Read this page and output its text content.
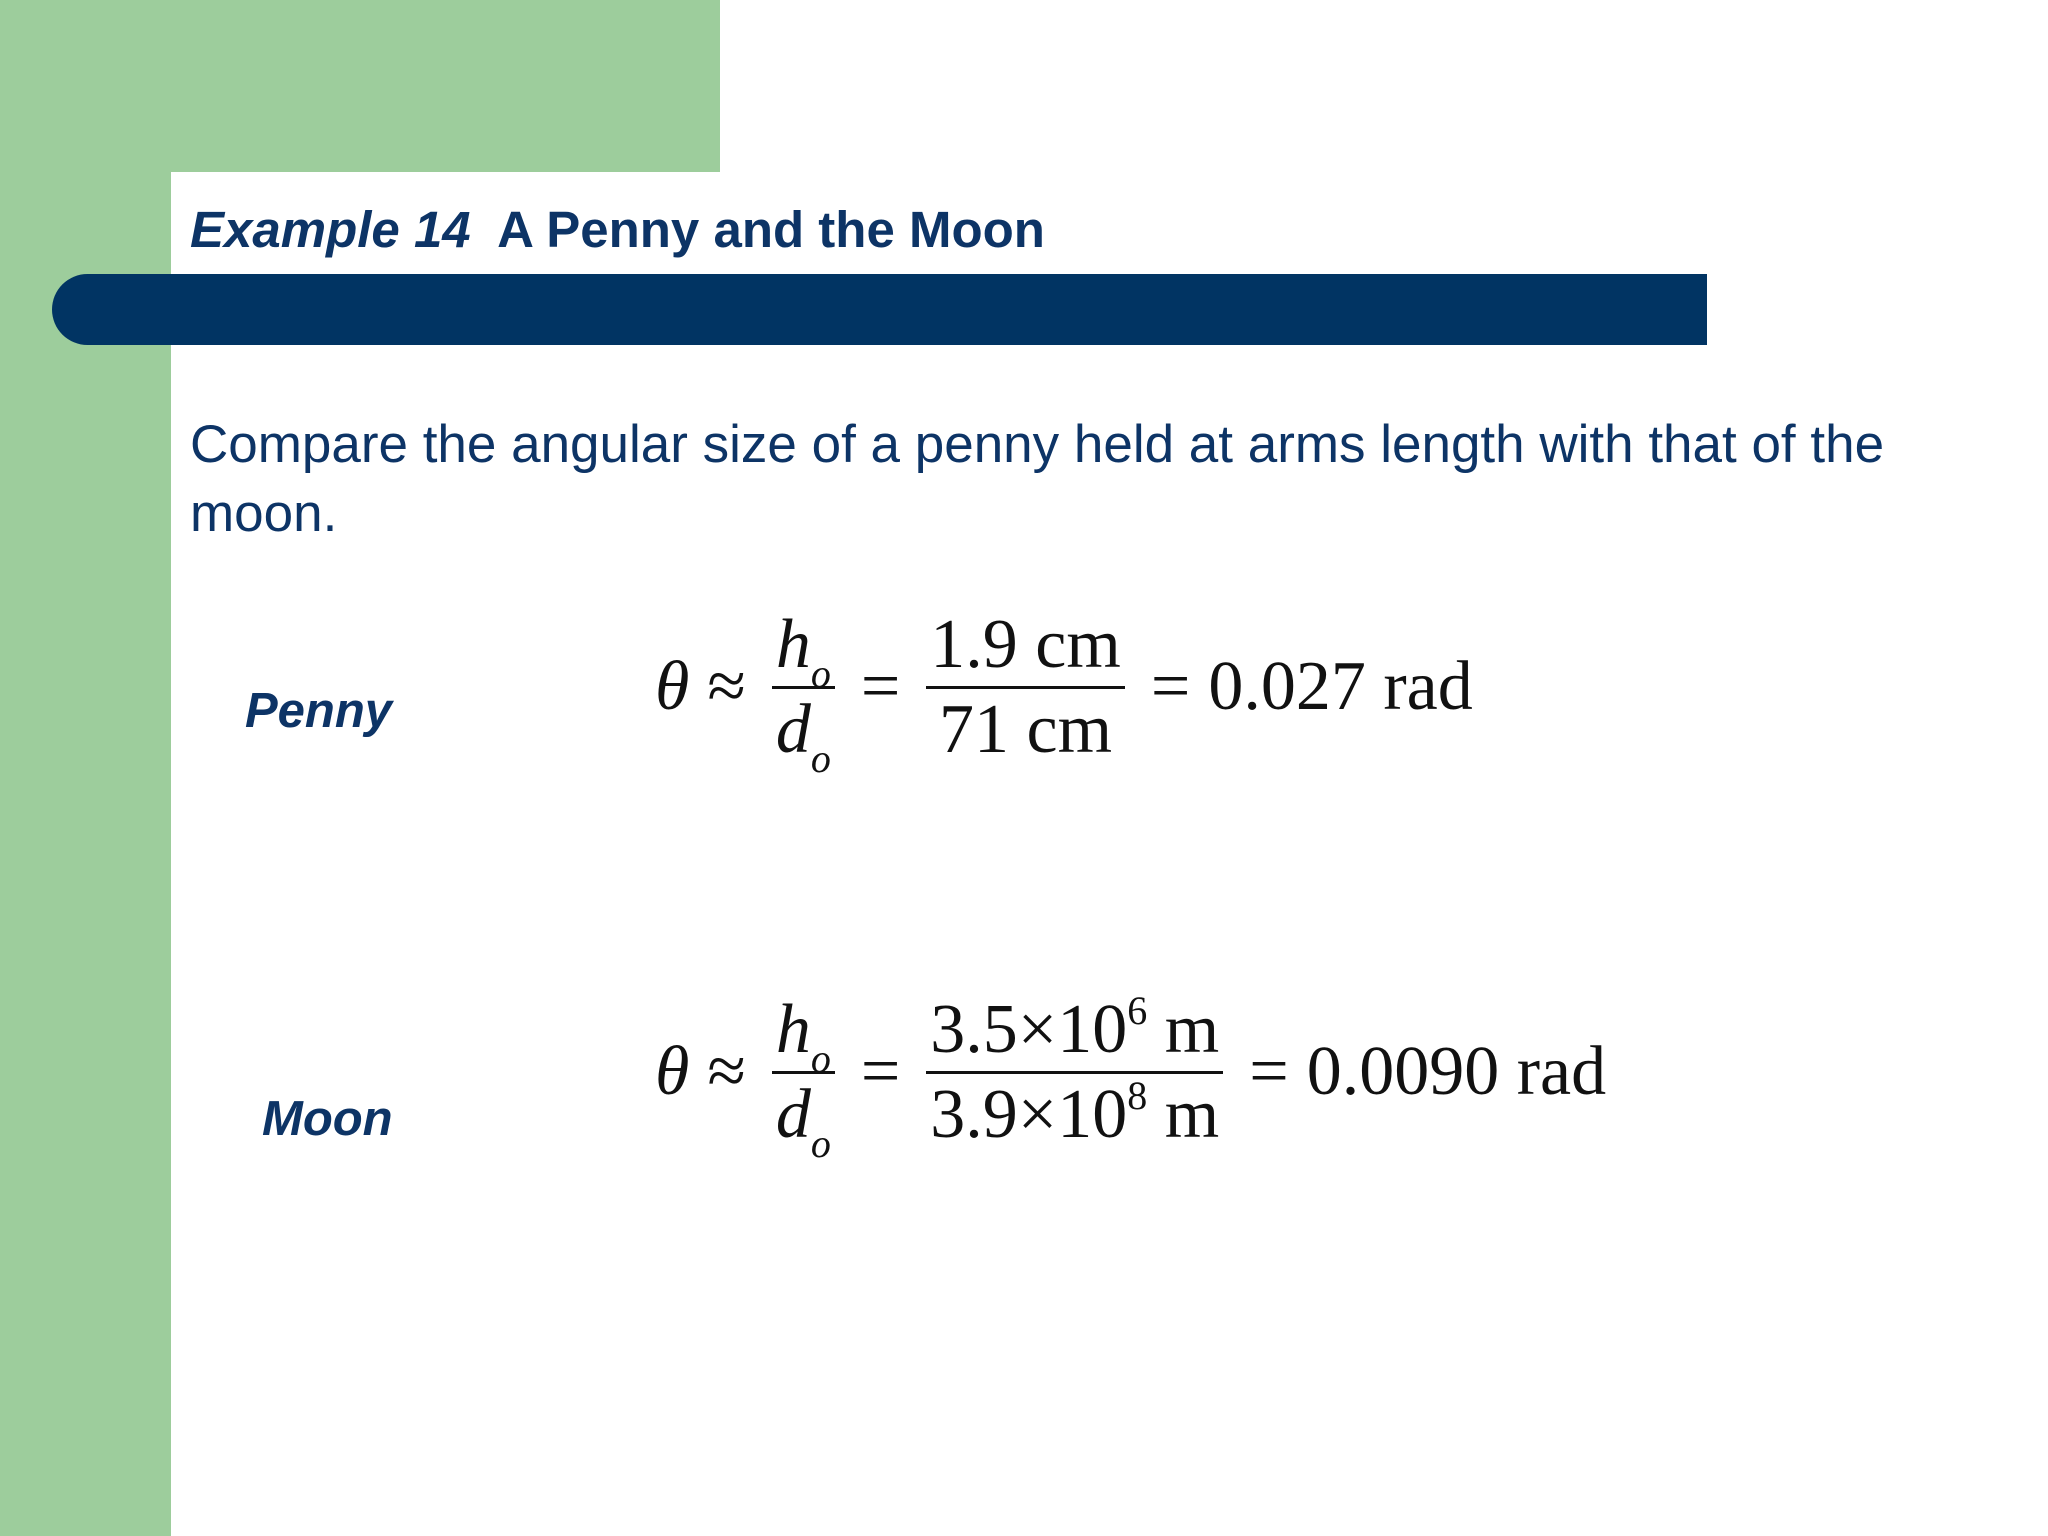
Example 14 A Penny and the Moon
Compare the angular size of a penny held at arms length with that of the moon.
Penny	$\theta \approx \frac{h_o}{d_o} = \frac{1.9 cm}{71 cm} = 0.027$ rad
Moon
$\theta \approx \frac{h_o}{d_o} = \frac{3.5\times 10^6 m}{3.9\times 10^8 m} = 0.0090$ rad
